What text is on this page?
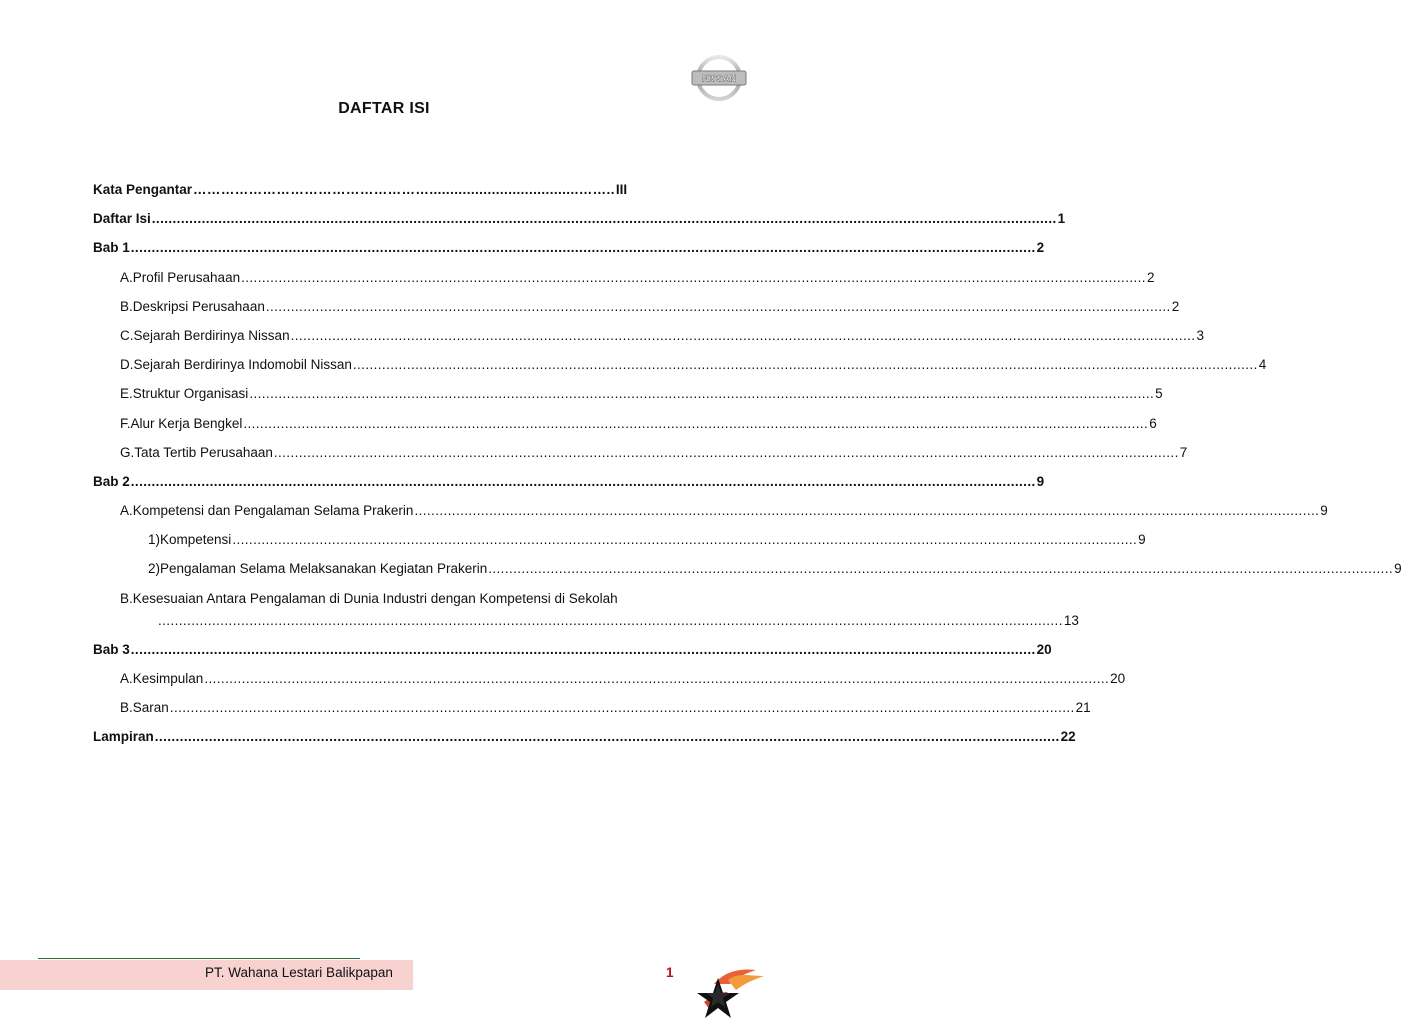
NISSAN
DAFTAR ISI
Kata Pengantar ……………………………………………....................................…….. III
Daftar Isi .......................................................................................................................................................................................................................... 1
Bab 1 .......................................................................................................................................................................................................................... 2
A. Profil Perusahaan .......................................................................................................................................................................................................................... 2
B. Deskripsi Perusahaan .......................................................................................................................................................................................................................... 2
C. Sejarah Berdirinya Nissan .......................................................................................................................................................................................................................... 3
D. Sejarah Berdirinya Indomobil Nissan .......................................................................................................................................................................................................................... 4
E. Struktur Organisasi .......................................................................................................................................................................................................................... 5
F. Alur Kerja Bengkel .......................................................................................................................................................................................................................... 6
G. Tata Tertib Perusahaan .......................................................................................................................................................................................................................... 7
Bab 2 .......................................................................................................................................................................................................................... 9
A. Kompetensi dan Pengalaman Selama Prakerin .......................................................................................................................................................................................................................... 9
1) Kompetensi .......................................................................................................................................................................................................................... 9
2) Pengalaman Selama Melaksanakan Kegiatan Prakerin .......................................................................................................................................................................................................................... 9
B. Kesesuaian Antara Pengalaman di Dunia Industri dengan Kompetensi di Sekolah
.......................................................................................................................................................................................................................... 13
Bab 3 .......................................................................................................................................................................................................................... 20
A. Kesimpulan .......................................................................................................................................................................................................................... 20
B. Saran .......................................................................................................................................................................................................................... 21
Lampiran .......................................................................................................................................................................................................................... 22
PT. Wahana Lestari Balikpapan	1
